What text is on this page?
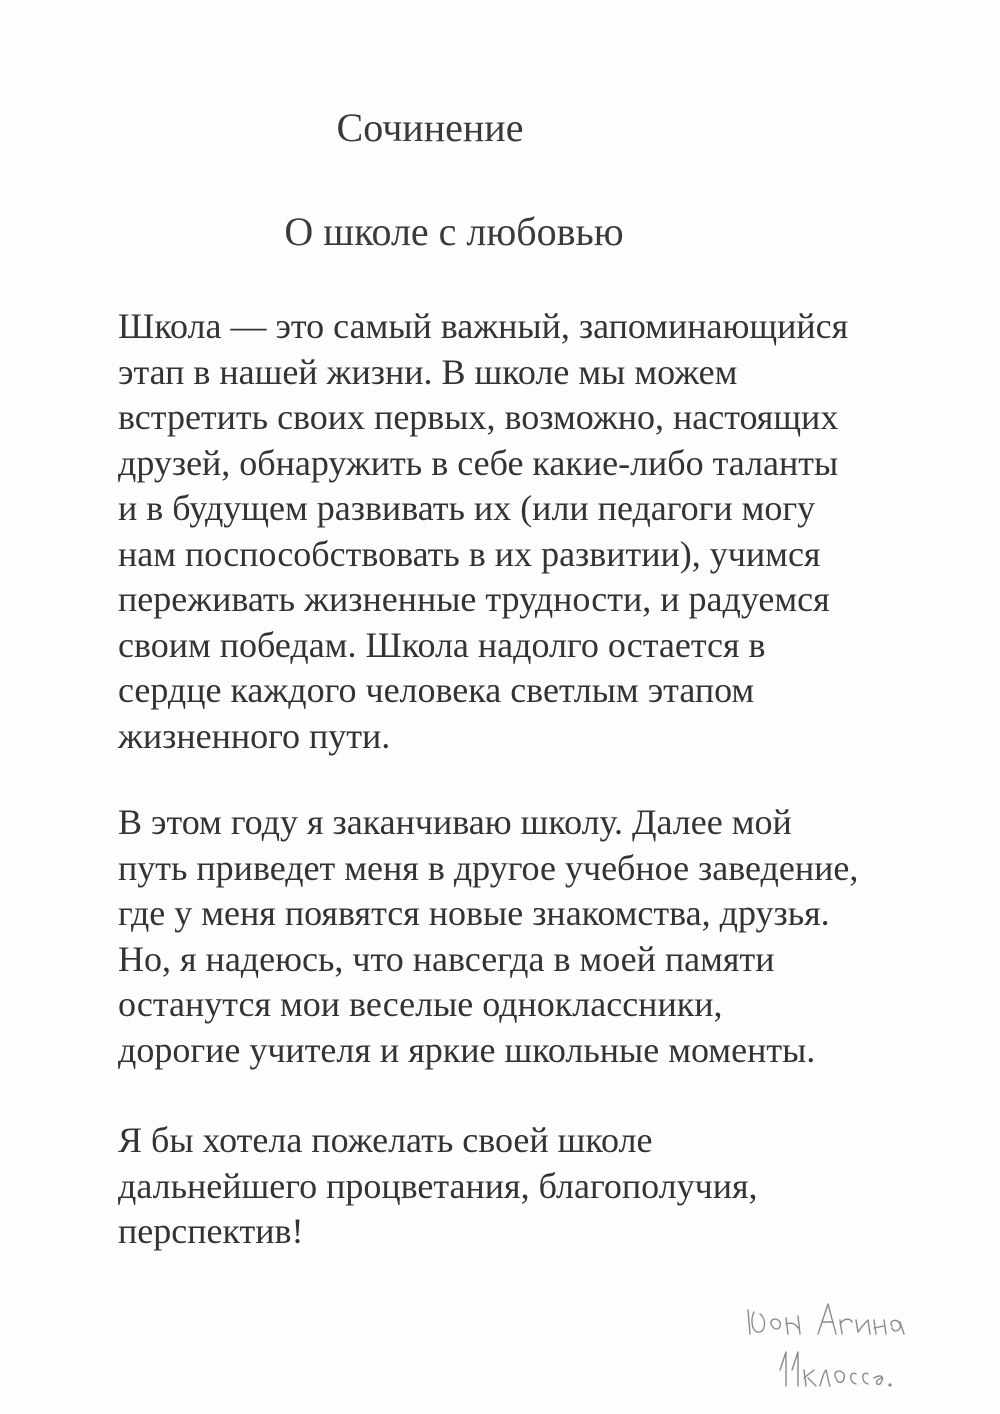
Сочинение
О школе с любовью
Школа — это самый важный, запоминающийся
этап в нашей жизни. В школе мы можем
встретить своих первых, возможно, настоящих
друзей, обнаружить в себе какие-либо таланты
и в будущем развивать их (или педагоги могу
нам поспособствовать в их развитии), учимся
переживать жизненные трудности, и радуемся
своим победам. Школа надолго остается в
сердце каждого человека светлым этапом
жизненного пути.
В этом году я заканчиваю школу. Далее мой
путь приведет меня в другое учебное заведение,
где у меня появятся новые знакомства, друзья.
Но, я надеюсь, что навсегда в моей памяти
останутся мои веселые одноклассники,
дорогие учителя и яркие школьные моменты.
Я бы хотела пожелать своей школе
дальнейшего процветания, благополучия,
перспектив!
